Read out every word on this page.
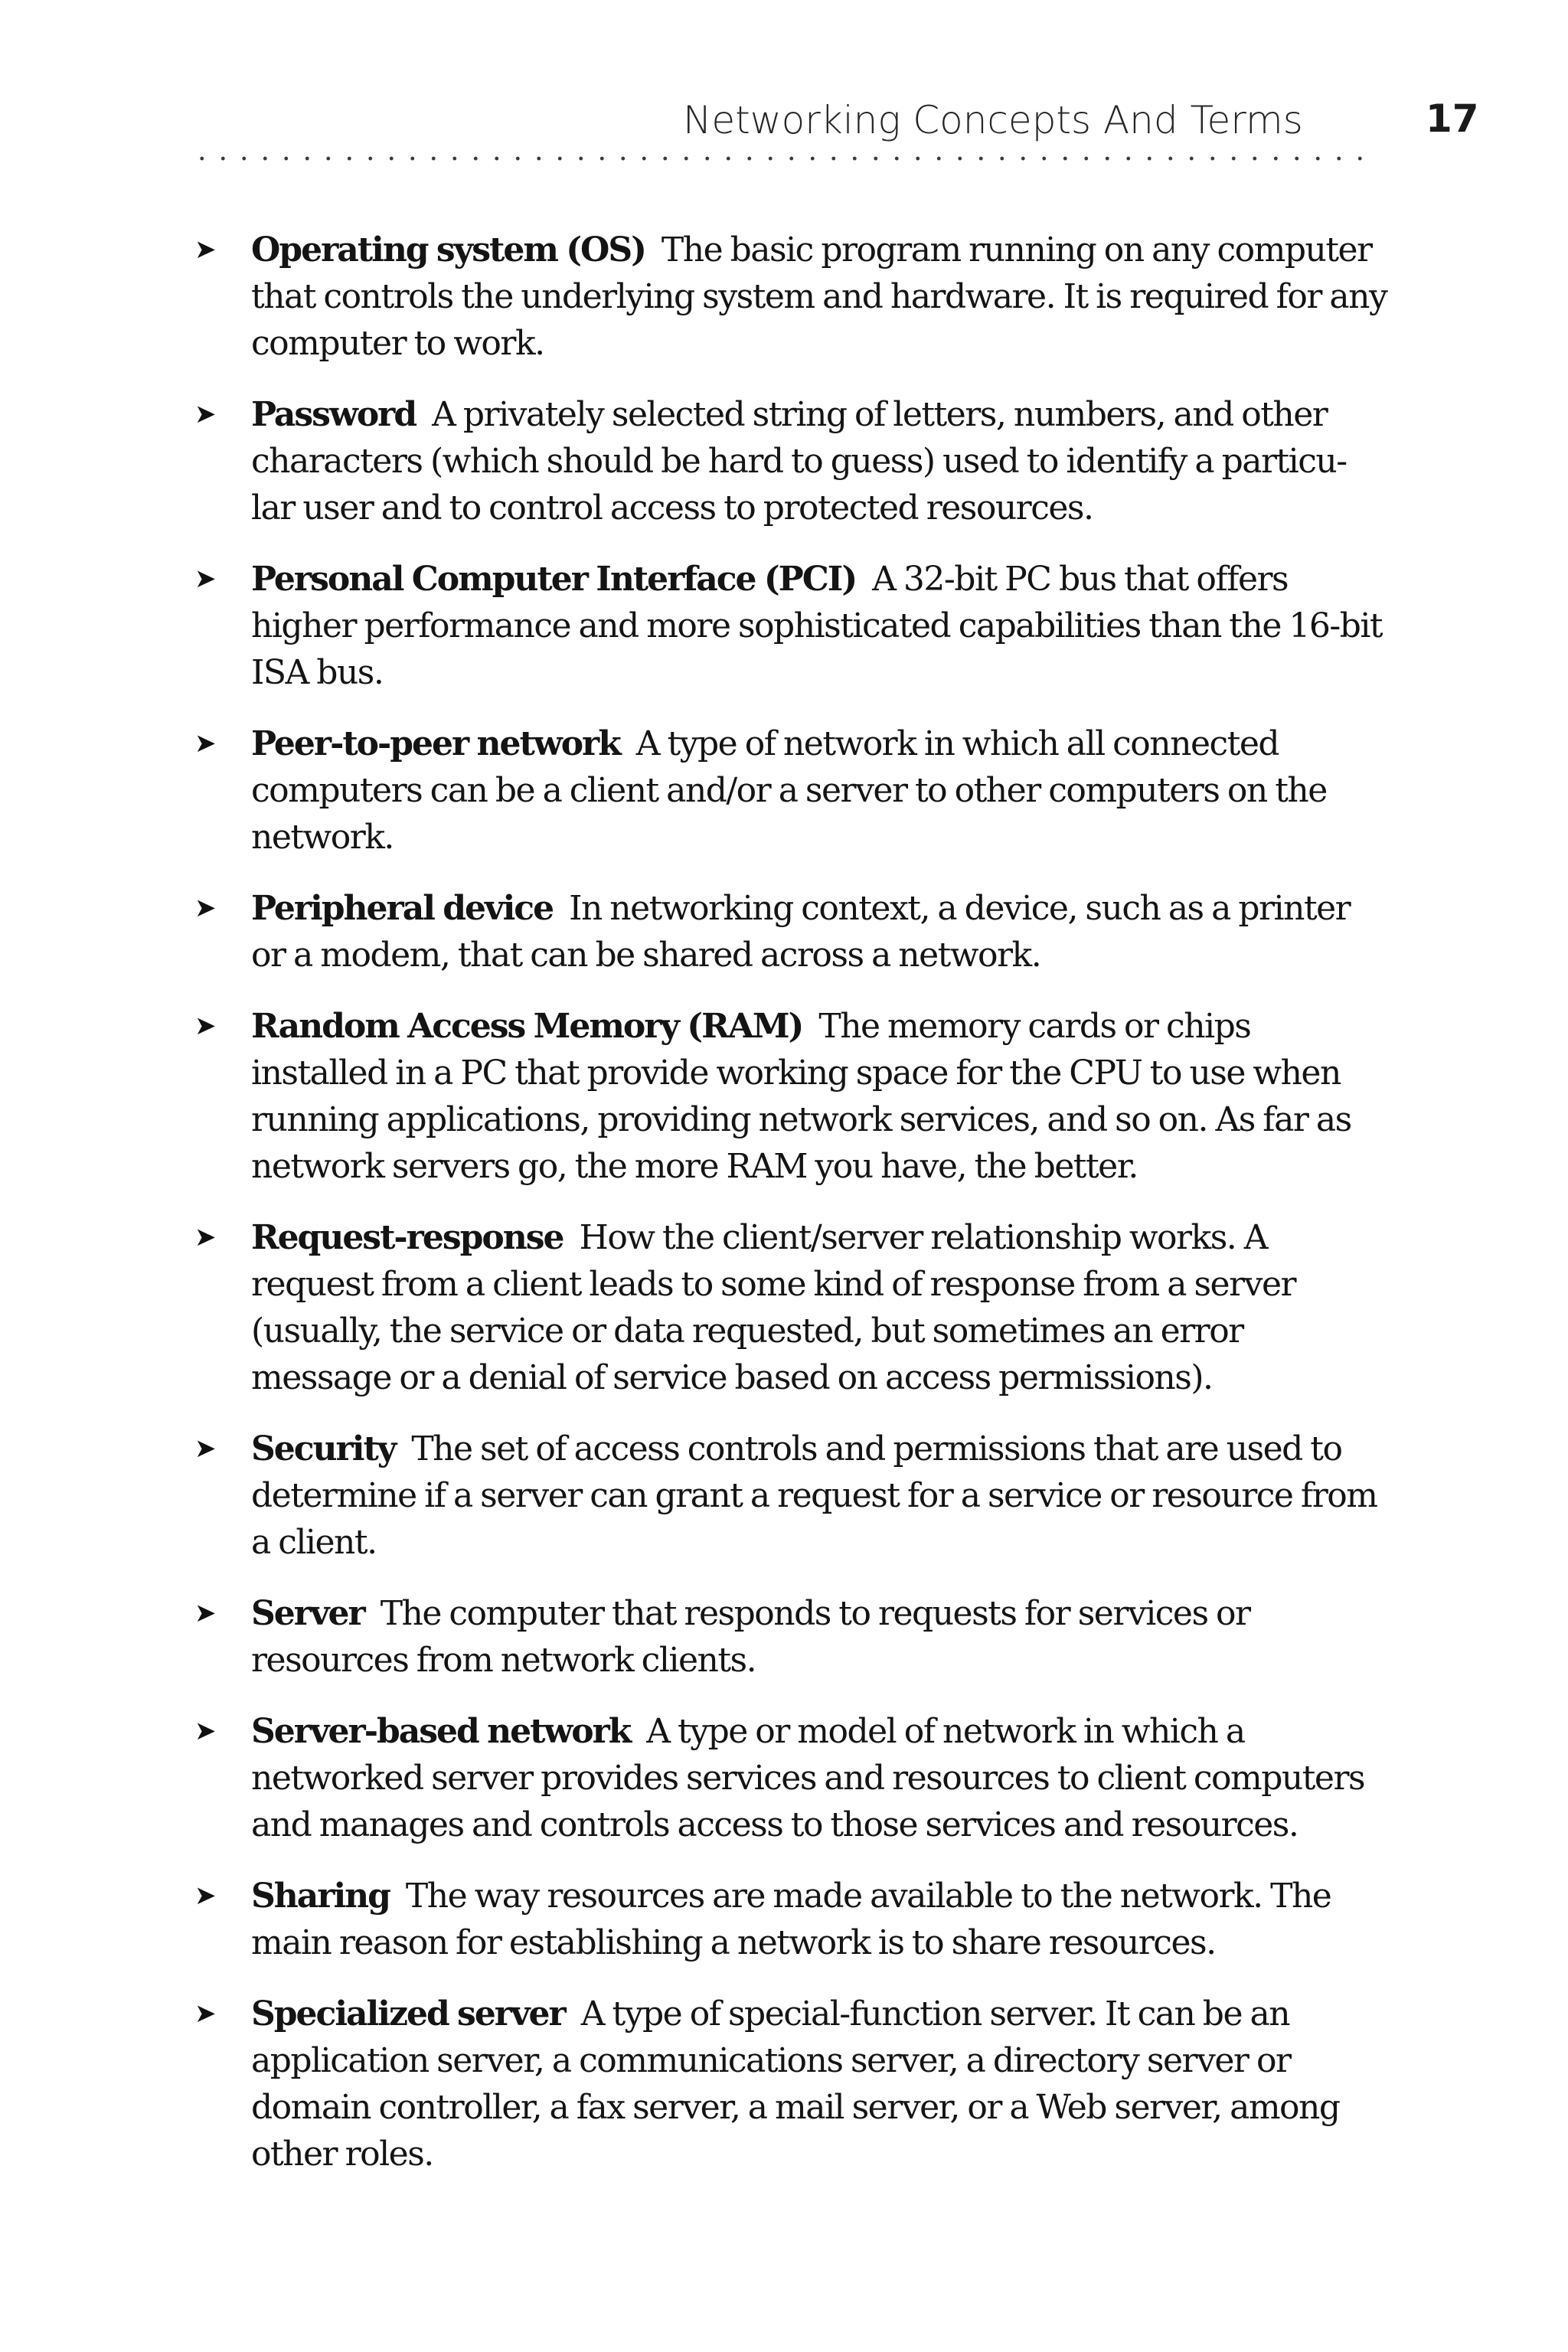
Networking Concepts And Terms	17
➤ Operating system (OS) The basic program running on any computer that controls the underlying system and hardware. It is required for any computer to work.
➤ Password A privately selected string of letters, numbers, and other characters (which should be hard to guess) used to identify a particu-lar user and to control access to protected resources.
➤ Personal Computer Interface (PCI) A 32-bit PC bus that offers higher performance and more sophisticated capabilities than the 16-bit ISA bus.
➤ Peer-to-peer network A type of network in which all connected computers can be a client and/or a server to other computers on the network.
➤ Peripheral device In networking context, a device, such as a printer or a modem, that can be shared across a network.
➤ Random Access Memory (RAM) The memory cards or chips installed in a PC that provide working space for the CPU to use when running applications, providing network services, and so on. As far as network servers go, the more RAM you have, the better.
➤ Request-response How the client/server relationship works. A request from a client leads to some kind of response from a server (usually, the service or data requested, but sometimes an error message or a denial of service based on access permissions).
➤ Security The set of access controls and permissions that are used to determine if a server can grant a request for a service or resource from a client.
➤ Server The computer that responds to requests for services or resources from network clients.
➤ Server-based network A type or model of network in which a networked server provides services and resources to client computers and manages and controls access to those services and resources.
➤ Sharing The way resources are made available to the network. The main reason for establishing a network is to share resources.
➤ Specialized server A type of special-function server. It can be an application server, a communications server, a directory server or domain controller, a fax server, a mail server, or a Web server, among other roles.
